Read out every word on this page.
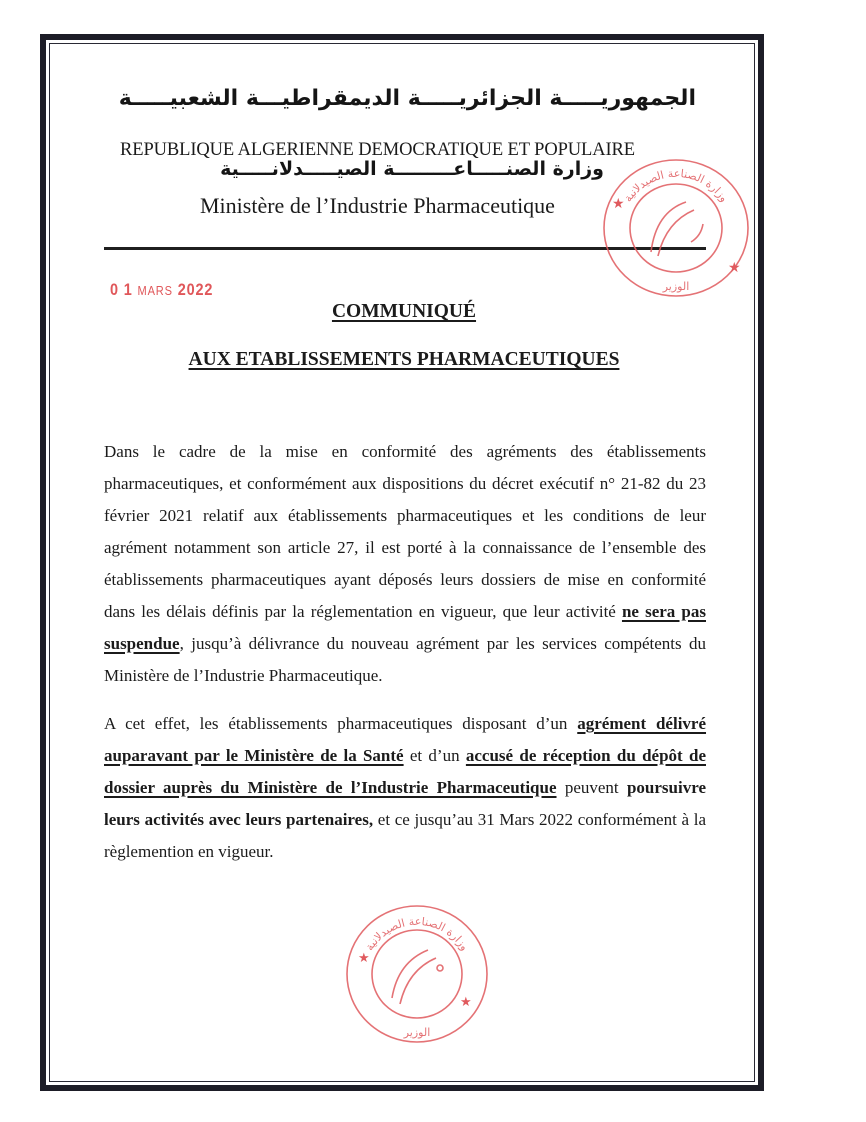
الجمهوريـــــة الجزائريـــــة الديمقراطيـــة الشعبيـــــة
REPUBLIQUE ALGERIENNE DEMOCRATIQUE ET POPULAIRE
وزارة الصنـــــاعـــــــــة الصيـــــدلانـــــية
Ministère de l’Industrie Pharmaceutique
0 1 MARS 2022
COMMUNIQUÉ
AUX ETABLISSEMENTS PHARMACEUTIQUES
Dans le cadre de la mise en conformité des agréments des établissements pharmaceutiques, et conformément aux dispositions du décret exécutif n° 21-82 du 23 février 2021 relatif aux établissements pharmaceutiques et les conditions de leur agrément notamment son article 27, il est porté à la connaissance de l’ensemble des établissements pharmaceutiques ayant déposés leurs dossiers de mise en conformité dans les délais définis par la réglementation en vigueur, que leur activité ne sera pas suspendue, jusqu’à délivrance du nouveau agrément par les services compétents du Ministère de l’Industrie Pharmaceutique.
A cet effet, les établissements pharmaceutiques disposant d’un agrément délivré auparavant par le Ministère de la Santé et d’un accusé de réception du dépôt de dossier auprès du Ministère de l’Industrie Pharmaceutique peuvent poursuivre leurs activités avec leurs partenaires, et ce jusqu’au 31 Mars 2022 conformément à la règlemention en vigueur.
وزارة الصناعة الصيدلانية
الوزير
★
★
وزارة الصناعة الصيدلانية
الوزير
★
★
